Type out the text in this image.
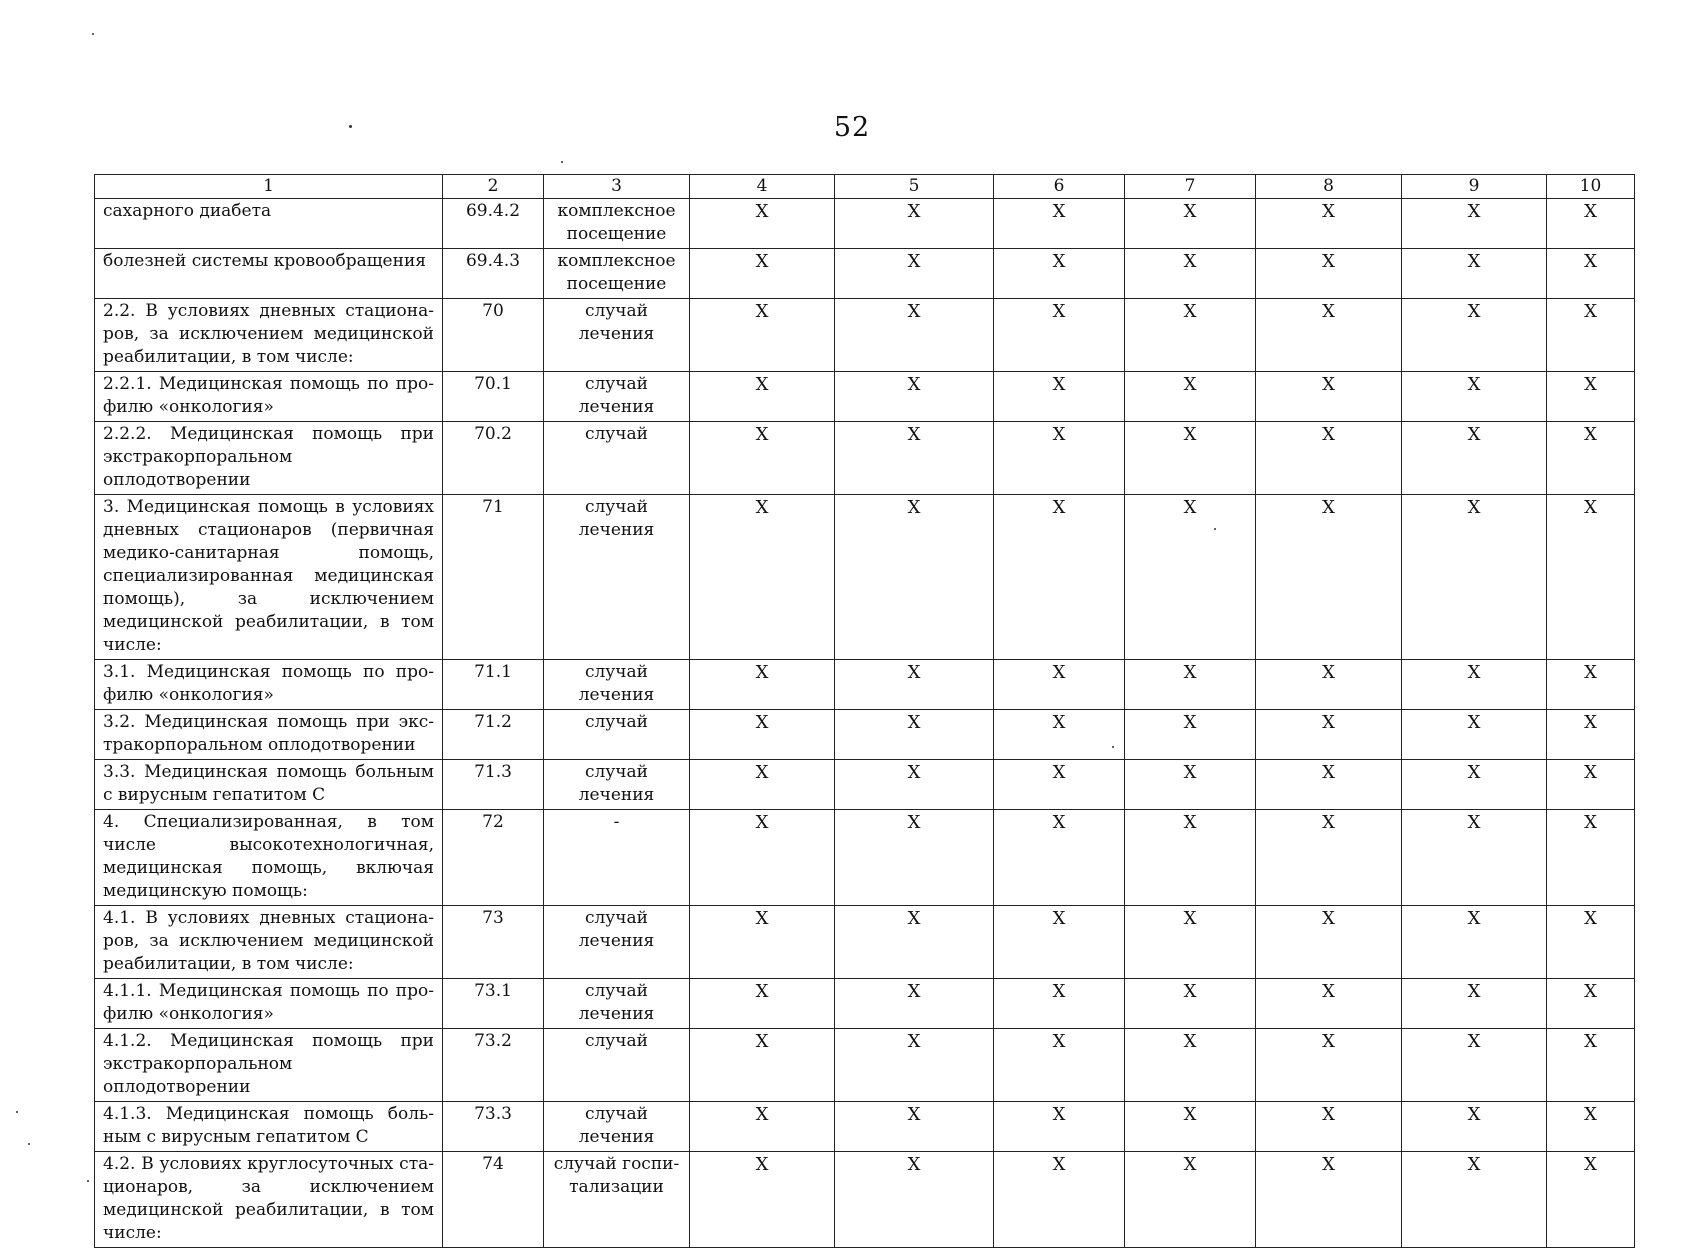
52
1	2	3	4	5	6	7	8	9	10
сахарного диабета	69.4.2	комплексное посещение	X	X	X	X	X	X	X
болезней системы кровообращения	69.4.3	комплексное посещение	X	X	X	X	X	X	X
2.2. В условиях дневных стационаров, за исключением медицинской реабилитации, в том числе:	70	случай лечения	X	X	X	X	X	X	X
2.2.1. Медицинская помощь по профилю «онкология»	70.1	случай лечения	X	X	X	X	X	X	X
2.2.2. Медицинская помощь при экстракорпоральном оплодотворении	70.2	случай	X	X	X	X	X	X	X
3. Медицинская помощь в условиях дневных стационаров (первичная медико-санитарная помощь, специализированная медицинская помощь), за исключением медицинской реабилитации, в том числе:	71	случай лечения	X	X	X	X	X	X	X
3.1. Медицинская помощь по профилю «онкология»	71.1	случай лечения	X	X	X	X	X	X	X
3.2. Медицинская помощь при экстракорпоральном оплодотворении	71.2	случай	X	X	X	X	X	X	X
3.3. Медицинская помощь больным с вирусным гепатитом С	71.3	случай лечения	X	X	X	X	X	X	X
4. Специализированная, в том числе высокотехнологичная, медицинская помощь, включая медицинскую помощь:	72	-	X	X	X	X	X	X	X
4.1. В условиях дневных стационаров, за исключением медицинской реабилитации, в том числе:	73	случай лечения	X	X	X	X	X	X	X
4.1.1. Медицинская помощь по профилю «онкология»	73.1	случай лечения	X	X	X	X	X	X	X
4.1.2. Медицинская помощь при экстракорпоральном оплодотворении	73.2	случай	X	X	X	X	X	X	X
4.1.3. Медицинская помощь больным с вирусным гепатитом С	73.3	случай лечения	X	X	X	X	X	X	X
4.2. В условиях круглосуточных стационаров, за исключением медицинской реабилитации, в том числе:	74	случай госпитализации	X	X	X	X	X	X	X
